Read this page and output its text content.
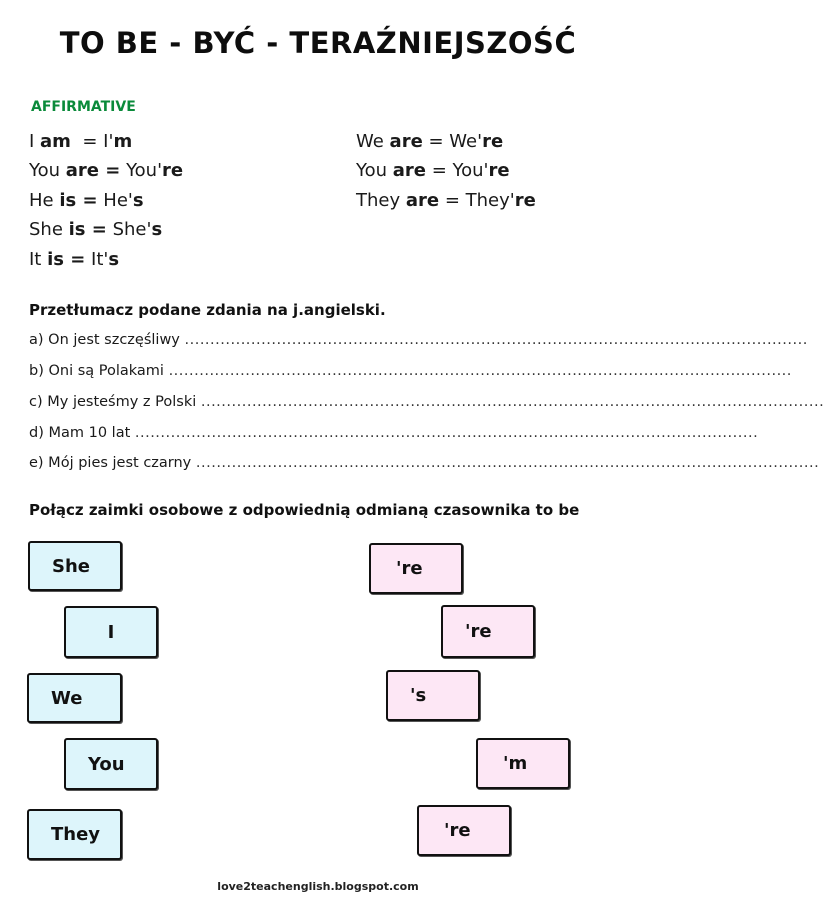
TO BE - BYĆ - TERAŹNIEJSZOŚĆ
AFFIRMATIVE
I am  = I'm
You are = You're
He is = He's
She is = She's
It is = It's
We are = We're
You are = You're
They are = They're
Przetłumacz podane zdania na j.angielski.
a) On jest szczęśliwy ..........................................................................................................................
b) Oni są Polakami ..........................................................................................................................
c) My jesteśmy z Polski ..........................................................................................................................
d) Mam 10 lat ..........................................................................................................................
e) Mój pies jest czarny ..........................................................................................................................
Połącz zaimki osobowe z odpowiednią odmianą czasownika to be
She
I
We
You
They
're
're
's
'm
're
love2teachenglish.blogspot.com
